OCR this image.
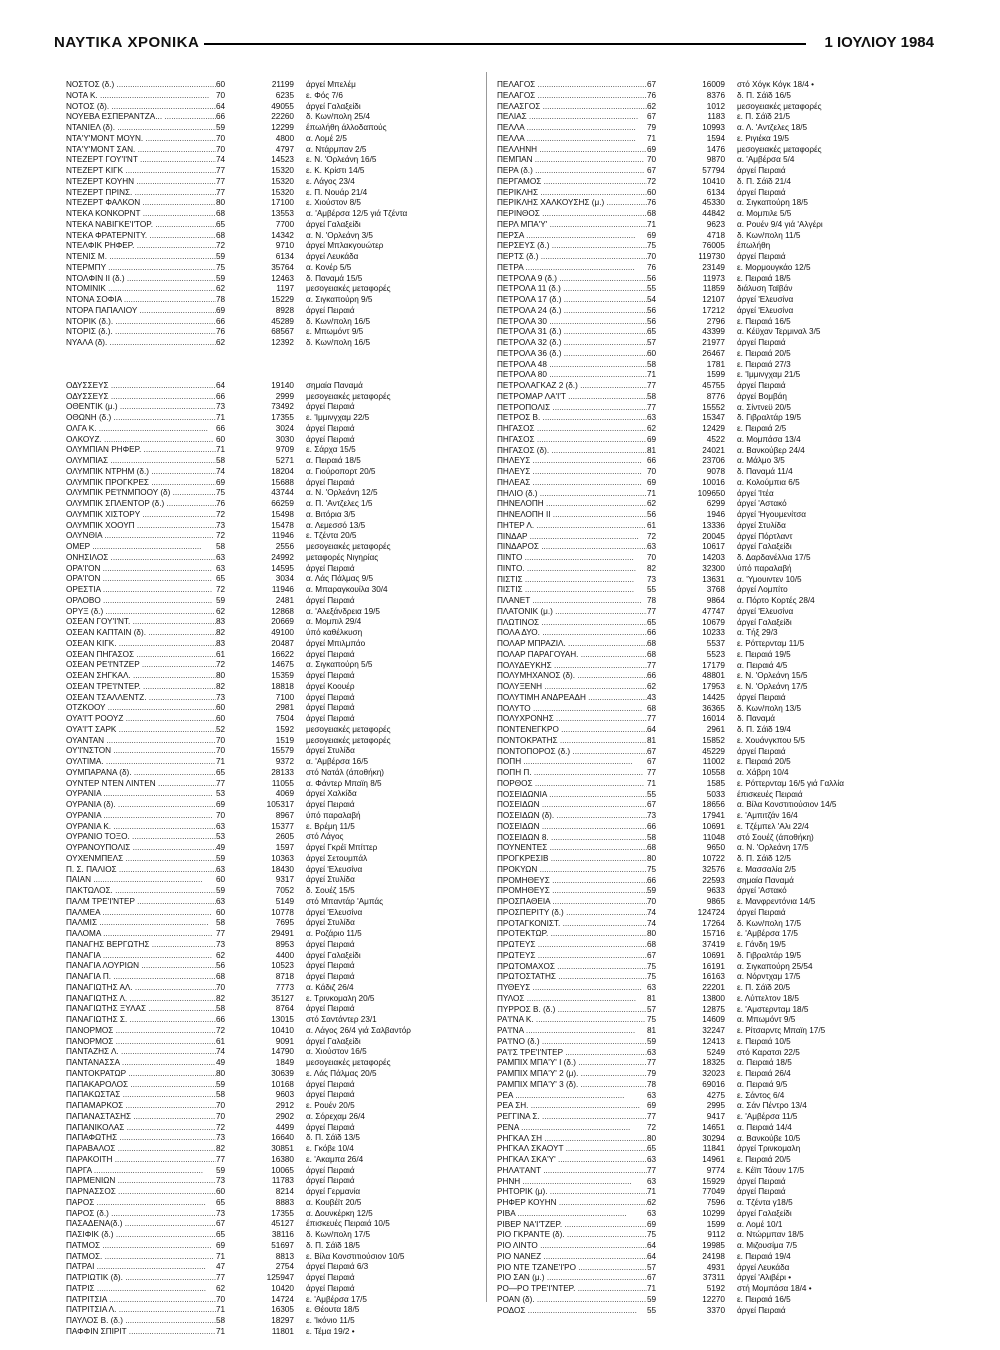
ΝΑΥΤΙΚΑ ΧΡΟΝΙΚΑ	1 ΙΟΥΛΙΟΥ 1984
ΝΟΣΤΟΣ (δ.) .....	60	21199	άργεί Μπελέμ
ΝΟΤΑ Κ. .....	70	6235	ε. Φός 7/6
ΝΟΤΟΣ (δ). .....	64	49055	άργεί Γαλαξείδι
ΝΟΥΕΒΑ ΕΣΠΕΡΑΝΤΖΑ... .....	66	22260	δ. Κων/πολη 25/4
ΝΤΑΝΙΕΛ (δ). .....	59	12299	έπωλήθη άλλοδαπούς
ΝΤΑ'Υ'ΜΟΝΤ ΜΟΥΝ. .....	70	4800	α. Λομέ 2/5
ΝΤΑ'Υ'ΜΟΝΤ ΣΑΝ. .....	70	4797	α. Ντάρμπαν 2/5
ΝΤΕΖΕΡΤ ΓΟΥ'Ι'ΝΤ .....	74	14523	ε. Ν. 'Ορλεάνη 16/5
ΝΤΕΖΕΡΤ ΚΙΓΚ .....	77	15320	ε. Κ. Κρίστι 14/5
ΝΤΕΖΕΡΤ ΚΟΥΗΝ .....	77	15320	ε. Λάγος 23/4
ΝΤΕΖΕΡΤ ΠΡΙΝΣ. .....	77	15320	ε. Π. Νουάρ 21/4
ΝΤΕΖΕΡΤ ΦΑΛΚΟΝ .....	80	17100	ε. Χιούστον 8/5
ΝΤΕΚΑ ΚΟΝΚΟΡΝΤ .....	68	13553	α. 'Αμβέρσα 12/5 γιά Τζέντα
ΝΤΕΚΑ ΝΑΒΙΓΚΕ'Ι'ΤΟΡ. .....	65	7700	άργεί Γαλαξείδι
ΝΤΕΚΑ ΦΡΑΤΕΡΝΙΤΥ. .....	68	14342	α. Ν. 'Ορλεάνη 3/5
ΝΤΕΛΦΙΚ ΡΗΦΕΡ. .....	72	9710	άργεί Μπλακγουώτερ
ΝΤΕΝΙΣ Μ. .....	59	6134	άργεί Λευκάδα
ΝΤΕΡΜΠΥ .....	75	35764	α. Κονέρ 5/5
ΝΤΟΛΦΙΝ ΙΙ (δ.) .....	59	12463	δ. Παναμά 15/5
ΝΤΟΜΙΝΙΚ .....	62	1197	μεσογειακές μεταφορές
ΝΤΟΝΑ ΣΟΦΙΑ .....	78	15229	α. Σιγκαπούρη 9/5
ΝΤΟΡΑ ΠΑΠΑΛΙΟΥ .....	69	8928	άργεί Πειραιά
ΝΤΟΡΙΚ (δ.). .....	66	45289	δ. Κων/πολη 16/5
ΝΤΟΡΙΣ (δ.). .....	76	68567	ε. Μπωμόντ 9/5
ΝΥΑΛΑ (δ). .....	62	12392	δ. Κων/πολη 16/5
ΟΔΥΣΣΕΥΣ .....	64	19140	σημαία Παναμά
ΟΔΥΣΣΕΥΣ .....	66	2999	μεσογειακές μεταφορές
ΟΘΕΝΤΙΚ (μ.) .....	73	73492	άργεί Πειραιά
ΟΘΩΝΗ (δ.) .....	71	17355	ε. 'Ιμμινγχαμ 22/5
ΟΛΓΑ Κ. .....	66	3024	άργεί Πειραιά
ΟΛΚΟΥΖ. .....	60	3030	άργεί Πειραιά
ΟΛΥΜΠΙΑΝ ΡΗΦΕΡ. .....	71	9709	ε. Σάρχα 15/5
ΟΛΥΜΠΙΑΣ .....	58	5271	α. Πειραιά 18/5
ΟΛΥΜΠΙΚ ΝΤΡΗΜ (δ.) .....	74	18204	α. Γιούροπορτ 20/5
ΟΛΥΜΠΙΚ ΠΡΟΓΚΡΕΣ .....	69	15688	άργεί Πειραιά
ΟΛΥΜΠΙΚ ΡΕ'Ι'ΝΜΠΟΟΥ (δ) .....	75	43744	α. Ν. 'Ορλεάνη 12/5
ΟΛΥΜΠΙΚ ΣΠΛΕΝΤΟΡ (δ.) .....	76	66259	α. Π. 'Αντζελες 1/5
ΟΛΥΜΠΙΚ ΧΙΣΤΟΡΥ .....	72	15498	α. Βιτόρια 3/5
ΟΛΥΜΠΙΚ ΧΟΟΥΠ .....	73	15478	α. Λεμεσσό 13/5
ΟΛΥΝΘΙΑ .....	72	11946	ε. Τζέντα 20/5
ΟΜΕΡ .....	58	2556	μεσογειακές μεταφορές
ΟΝΗΣΙΛΟΣ .....	63	24992	μεταφορές Νιγηρίας
ΟΡΑ'Ι'ΟΝ .....	63	14595	άργεί Πειραιά
ΟΡΑ'Ι'ΟΝ .....	65	3034	α. Λάς Πάλμας 9/5
ΟΡΕΣΤΙΑ .....	72	11946	α. Μπαραγκουίλα 30/4
ΟΡΛΟΒΟ .....	59	2481	άργεί Πειραιά
ΟΡΥΞ (δ.) .....	62	12868	α. 'Αλεξάνδρεια 19/5
ΟΣΕΑΝ ΓΟΥ'Ι'ΝΤ. .....	83	20669	α. Μομπιλ 29/4
ΟΣΕΑΝ ΚΑΠΤΑΙΝ (δ). .....	82	49100	ύπό καθέλκυση
ΟΣΕΑΝ ΚΙΓΚ. .....	83	20487	άργεί Μπιλμπάο
ΟΣΕΑΝ ΠΗΓΑΣΟΣ .....	61	16622	άργεί Πειραιά
ΟΣΕΑΝ ΡΕ'Ι'ΝΤΖΕΡ .....	72	14675	α. Σιγκαπούρη 5/5
ΟΣΕΑΝ ΣΗΓΚΑΛ. .....	80	15359	άργεί Πειραιά
ΟΣΕΑΝ ΤΡΕ'Ι'ΝΤΕΡ. .....	82	18818	άργεί Κοουέρ
ΟΣΕΑΝ ΤΣΑΛΛΕΝΤΖ. .....	73	7100	άργεί Πειραιά
ΟΤΖΚΟΟΥ .....	60	2981	άργεί Πειραιά
ΟΥΑ'Ι'Τ ΡΟΟΥΖ .....	60	7504	άργεί Πειραιά
ΟΥΑ'Ι'Τ ΣΑΡΚ .....	52	1592	μεσογειακές μεταφορές
ΟΥΑΝΤΑΝ .....	70	1519	μεσογειακές μεταφορές
ΟΥ'Ι'ΝΣΤΟΝ .....	70	15579	άργεί Στυλίδα
ΟΥΛΤΙΜΑ. .....	71	9372	α. 'Αμβέρσα 16/5
ΟΥΜΠΑΡΑΝΑ (δ). .....	65	28133	στό Νατάλ (άποθήκη)
ΟΥΝΤΕΡ ΝΤΕΝ ΛΙΝΤΕΝ .....	77	11055	α. Φάντερ Μπαϊη 8/5
ΟΥΡΑΝΙΑ .....	53	4069	άργεί Χαλκίδα
ΟΥΡΑΝΙΑ (δ). .....	69	105317	άργεί Πειραιά
ΟΥΡΑΝΙΑ .....	70	8967	ύπό παραλαβή
ΟΥΡΑΝΙΑ Κ. .....	63	15377	ε. Βρέμη 11/5
ΟΥΡΑΝΙΟ ΤΟΞΟ. .....	53	2605	στό Λάγος
ΟΥΡΑΝΟΥΠΟΛΙΣ .....	49	1597	άργεί Γκρέϊ Μπίττερ
ΟΥΧΕΝΜΠΕΛΣ .....	59	10363	άργεί Σετουμπάλ
Π. Σ. ΠΑΛΙΟΣ .....	63	18430	άργεί 'Ελευσίνα
ΠΑΙΑΝ .....	60	9317	άργεί Στυλίδα
ΠΑΚΤΩΛΟΣ. .....	59	7052	δ. Σουέζ 15/5
ΠΑΛΜ ΤΡΕ'Ι'ΝΤΕΡ .....	63	5149	στό Μπαντάρ 'Αμπάς
ΠΑΛΜΕΑ .....	60	10778	άργεί 'Ελευσίνα
ΠΑΛΜΙΣ .....	58	7695	άργεί Στυλίδα
ΠΑΛΟΜΑ .....	77	29491	α. Ροζάριο 11/5
ΠΑΝΑΓΗΣ ΒΕΡΓΩΤΗΣ .....	73	8953	άργεί Πειραιά
ΠΑΝΑΓΙΑ .....	62	4400	άργεί Γαλαξείδι
ΠΑΝΑΓΙΑ ΛΟΥΡΙΩΝ .....	56	10523	άργεί Πειραιά
ΠΑΝΑΓΙΑ Π. .....	68	8718	άργεί Πειραιά
ΠΑΝΑΓΙΩΤΗΣ ΑΛ. .....	70	7773	α. Κάδιζ 26/4
ΠΑΝΑΓΙΩΤΗΣ Λ. .....	82	35127	ε. Τρινκομαλη 20/5
ΠΑΝΑΓΙΩΤΗΣ ΞΥΛΑΣ .....	58	8764	άργεί Πειραιά
ΠΑΝΑΓΙΩΤΗΣ Σ. .....	66	13015	στό Σαντάντερ 23/1
ΠΑΝΟΡΜΟΣ .....	72	10410	α. Λάγος 26/4 γιά Σαλβαντόρ
ΠΑΝΟΡΜΟΣ .....	61	9091	άργεί Γαλαξείδι
ΠΑΝΤΑΖΗΣ Λ. .....	74	14790	α. Χιούστον 16/5
ΠΑΝΤΑΝΑΣΣΑ .....	49	1849	μεσογειακές μεταφορές
ΠΑΝΤΟΚΡΑΤΩΡ .....	80	30639	ε. Λάς Πάλμας 20/5
ΠΑΠΑΚΑΡΟΛΟΣ .....	59	10168	άργεί Πειραιά
ΠΑΠΑΚΩΣΤΑΣ .....	58	9603	άργεί Πειραιά
ΠΑΠΑΜΑΡΚΟΣ .....	70	2912	ε. Ρουέν 20/5
ΠΑΠΑΝΑΣΤΑΣΗΣ .....	70	2902	α. Σόρεχαμ 26/4
ΠΑΠΑΝΙΚΟΛΑΣ .....	72	4499	άργεί Πειραιά
ΠΑΠΑΦΩΤΗΣ .....	73	16640	δ. Π. Σάϊδ 13/5
ΠΑΡΑΒΑΛΟΣ .....	82	30851	ε. Γκόβε 10/4
ΠΑΡΑΚΟΙΤΗ .....	77	16380	ε. 'Ακαμπα 26/4
ΠΑΡΓΑ .....	59	10065	άργεί Πειραιά
ΠΑΡΜΕΝΙΩΝ .....	73	11783	άργεί Πειραιά
ΠΑΡΝΑΣΣΟΣ .....	60	8214	άργεί Γερμανία
ΠΑΡΟΣ .....	65	8883	α. Κουβέϊτ 20/5
ΠΑΡΟΣ (δ.) .....	73	17355	α. Δουνκέρκη 12/5
ΠΑΣΑΔΕΝΑ(δ.) .....	67	45127	έπισκευές Πειραιά 10/5
ΠΑΣΙΦΙΚ (δ.) .....	65	38116	δ. Κων/πολη 17/5
ΠΑΤΜΟΣ .....	69	51697	δ. Π. Σάϊδ 18/5
ΠΑΤΜΟΣ. .....	71	8813	ε. Βίλα Κονστιτιούσιον 10/5
ΠΑΤΡΑΙ .....	47	2754	άργεί Πειραιά 6/3
ΠΑΤΡΙΩΤΙΚ (δ). .....	77	125947	άργεί Πειραιά
ΠΑΤΡΙΣ .....	62	10420	άργεί Πειραιά
ΠΑΤΡΙΤΣΙΑ .....	70	14724	ε. 'Αμβέρσα 17/5
ΠΑΤΡΙΤΣΙΑ Λ. .....	71	16305	ε. Θέουτα 18/5
ΠΑΥΛΟΣ Β. (δ.) .....	58	18297	ε. 'Ικόνιο 11/5
ΠΑΦΦΙΝ ΣΠΙΡΙΤ .....	71	11801	ε. Τέμα 19/2 •
ΠΕΛΑΓΟΣ .....	67	16009	στό Χόγκ Κόγκ 18/4 •
ΠΕΛΑΓΟΣ .....	76	8376	δ. Π. Σάϊδ 16/5
ΠΕΛΑΣΓΟΣ .....	62	1012	μεσογειακές μεταφορές
ΠΕΛΙΑΣ .....	67	1183	ε. Π. Σάϊδ 21/5
ΠΕΛΛΑ .....	79	10993	α. Λ. 'Αντζελες 18/5
ΠΕΛΛΑ .....	71	1594	ε. Ριγιέκα 19/5
ΠΕΛΛΗΝΗ .....	69	1476	μεσογειακές μεταφορές
ΠΕΜΠΑΝ .....	70	9870	α. 'Αμβέρσα 5/4
ΠΕΡΑ (δ.) .....	67	57794	άργεί Πειραιά
ΠΕΡΓΑΜΟΣ .....	72	10410	δ. Π. Σάϊδ 21/4
ΠΕΡΙΚΛΗΣ .....	60	6134	άργεί Πειραιά
ΠΕΡΙΚΛΗΣ ΧΑΛΚΟΥΣΗΣ (μ.) .....	76	45330	α. Σιγκαπούρη 18/5
ΠΕΡΙΝΘΟΣ .....	68	44842	α. Μομπιλε 5/5
ΠΕΡΛ ΜΠΑ'Υ' .....	71	9623	α. Ρουέν 9/4 γιά 'Αλγέρι
ΠΕΡΣΑ .....	69	4718	δ. Κων/πολη 11/5
ΠΕΡΣΕΥΣ (δ.) .....	75	76005	έπωλήθη
ΠΕΡΤΣ (δ.) .....	70	119730	άργεί Πειραιά
ΠΕΤΡΑ .....	76	23149	ε. Μορμουγκάο 12/5
ΠΕΤΡΟΛΑ 9 (δ.) .....	56	11973	ε. Πειραιά 18/5
ΠΕΤΡΟΛΑ 11 (δ.) .....	55	11859	διάλυση Ταϊβάν
ΠΕΤΡΟΛΑ 17 (δ.) .....	54	12107	άργεί 'Ελευσίνα
ΠΕΤΡΟΛΑ 24 (δ.) .....	56	17212	άργεί 'Ελευσίνα
ΠΕΤΡΟΛΑ 30 .....	56	2796	ε. Πειραιά 16/5
ΠΕΤΡΟΛΑ 31 (δ.) .....	65	43399	α. Κέϋχαν Τερμιναλ 3/5
ΠΕΤΡΟΛΑ 32 (δ.) .....	57	21977	άργεί Πειραιά
ΠΕΤΡΟΛΑ 36 (δ.) .....	60	26467	ε. Πειραιά 20/5
ΠΕΤΡΟΛΑ 48 .....	58	1781	ε. Πειραιά 27/3
ΠΕΤΡΟΛΑ 80 .....	71	1599	ε. 'Ιμμινγχαμ 21/5
ΠΕΤΡΟΛΑΓΚΑΖ 2 (δ.) .....	77	45755	άργεί Πειραιά
ΠΕΤΡΟΜΑΡ ΛΑ'Ι'Τ .....	58	8776	άργεί Βομβάη
ΠΕΤΡΟΠΟΛΙΣ .....	77	15552	α. Σίντνεϋ 20/5
ΠΕΤΡΟΣ Β. .....	63	15347	δ. Γιβραλτάρ 19/5
ΠΗΓΑΣΟΣ .....	62	12429	ε. Πειραιά 2/5
ΠΗΓΑΣΟΣ .....	69	4522	α. Μομπάσα 13/4
ΠΗΓΑΣΟΣ (δ). .....	81	24021	α. Βανκούβερ 24/4
ΠΗΛΕΥΣ .....	66	23706	α. Μάλμο 3/5
ΠΗΛΕΥΣ .....	70	9078	δ. Παναμά 11/4
ΠΗΛΕΑΣ .....	69	10016	α. Κολούμπια 6/5
ΠΗΛΙΟ (δ.) .....	71	109650	άργεί 'Ιτέα
ΠΗΝΕΛΟΠΗ .....	62	6299	άργεί 'Αστακό
ΠΗΝΕΛΟΠΗ ΙΙ .....	56	1946	άργεί 'Ηγουμενίτσα
ΠΗΤΕΡ Λ. .....	61	13336	άργεί Στυλίδα
ΠΙΝΔΑΡ .....	72	20045	άργεί Πόρτλαντ
ΠΙΝΔΑΡΟΣ .....	63	10617	άργεί Γαλαξείδι
ΠΙΝΤΟ .....	70	14203	δ. Δαρδανέλλια 17/5
ΠΙΝΤΟ. .....	82	32300	ύπό παραλαβή
ΠΙΣΤΙΣ .....	73	13631	α. 'Υμουιντεν 10/5
ΠΙΣΤΙΣ .....	55	3768	άργεί Λομπίτο
ΠΛΑΝΕΤ .....	78	9864	α. Πόρτο Κορτές 28/4
ΠΛΑΤΟΝΙΚ (μ.) .....	77	47747	άργεί 'Ελευσίνα
ΠΛΩΤΙΝΟΣ .....	65	10679	άργεί Γαλαξείδι
ΠΟΛΑ ΔΥΟ. .....	66	10233	α. Τήξ 29/3
ΠΟΛΑΡ ΜΠΡΑΖΙΛ. .....	68	5537	ε. Ρόττερνταμ 11/5
ΠΟΛΑΡ ΠΑΡΑΓΟΥΑΗ. .....	68	5523	ε. Πειραιά 19/5
ΠΟΛΥΔΕΥΚΗΣ .....	77	17179	α. Πειραιά 4/5
ΠΟΛΥΜΗΧΑΝΟΣ (δ). .....	66	48801	ε. Ν. 'Ορλεάνη 15/5
ΠΟΛΥΞΕΝΗ .....	62	17953	ε. Ν. 'Ορλεάνη 17/5
ΠΟΛΥΤΙΜΗ ΑΝΔΡΕΑΔΗ .....	43	14425	άργεί Πειραιά
ΠΟΛΥΤΟ .....	68	36365	δ. Κων/πολη 13/5
ΠΟΛΥΧΡΟΝΗΣ .....	77	16014	δ. Παναμά
ΠΟΝΤΕΝΕΓΚΡΟ .....	64	2961	δ. Π. Σάϊδ 19/4
ΠΟΝΤΟΚΡΑΤΗΣ .....	81	15852	ε. Χουάνγκπου 5/5
ΠΟΝΤΟΠΟΡΟΣ (δ.) .....	67	45229	άργεί Πειραιά
ΠΟΠΗ .....	67	11002	ε. Πειραιά 20/5
ΠΟΠΗ Π. .....	77	10558	α. Χάβρη 10/4
ΠΟΡΘΟΣ .....	71	1585	ε. Ρόττερνταμ 16/5 γιά Γαλλία
ΠΟΣΕΙΔΩΝΙΑ .....	55	5033	έπισκευές Πειραιά
ΠΟΣΕΙΔΩΝ .....	67	18656	α. Βίλα Κονστιτιούσιον 14/5
ΠΟΣΕΙΔΩΝ (δ). .....	73	17941	ε. 'Αμπιτζάν 16/4
ΠΟΣΕΙΔΩΝ .....	66	10691	ε. Τζέμπελ 'Αλι 22/4
ΠΟΣΕΙΔΩΝ 8. .....	58	11048	στό Σουέζ (άποθήκη)
ΠΟΥΝΕΝΤΕΣ .....	68	9650	α. Ν. 'Ορλεάνη 17/5
ΠΡΟΓΚΡΕΣΙΒ .....	80	10722	δ. Π. Σάϊδ 12/5
ΠΡΟΚΥΩΝ .....	75	32576	ε. Μασσαλία 2/5
ΠΡΟΜΗΘΕΥΣ .....	66	22593	σημαία Παναμά
ΠΡΟΜΗΘΕΥΣ .....	59	9633	άργεί 'Αστακό
ΠΡΟΣΠΑΘΕΙΑ .....	70	9865	ε. Μανφρεντόνια 14/5
ΠΡΟΣΠΕΡΙΤΥ (δ.) .....	74	124724	άργεί Πειραιά
ΠΡΟΤΑΓΚΟΝΙΣΤ. .....	74	17264	δ. Κων/πολη 17/5
ΠΡΟΤΕΚΤΩΡ. .....	80	15716	ε. 'Αμβέρσα 17/5
ΠΡΩΤΕΥΣ .....	68	37419	ε. Γάνδη 19/5
ΠΡΩΤΕΥΣ .....	67	10691	δ. Γιβραλτάρ 19/5
ΠΡΩΤΟΜΑΧΟΣ .....	75	16191	α. Σιγκαπούρη 25/54
ΠΡΩΤΟΣΤΑΤΗΣ .....	75	16163	α. Νόρντχαμ 17/5
ΠΥΘΕΥΣ .....	63	22201	ε. Π. Σάϊδ 20/5
ΠΥΛΟΣ .....	81	13800	ε. Λύττελτον 18/5
ΠΥΡΡΟΣ Β. (δ.) .....	57	12875	ε. 'Αμστερνταμ 18/5
ΡΑ'Ι'ΝΑ Κ. .....	75	14609	α. Μπωμόντ 9/5
ΡΑ'Ι'ΝΑ .....	81	32247	ε. Ρίτσαρντς Μπαϊη 17/5
ΡΑ'Ι'ΝΟ (δ.) .....	59	12413	ε. Πειραιά 10/5
ΡΑ'Ι'Σ ΤΡΕ'Ι'ΝΤΕΡ .....	63	5249	στό Καρατσι 22/5
ΡΑΜΠΙΧ ΜΠΑ'Υ' Ι (δ.) .....	77	18325	α. Πειραιά 18/5
ΡΑΜΠΙΧ ΜΠΑ'Υ' 2 (μ). .....	79	32023	ε. Πειραιά 26/4
ΡΑΜΠΙΧ ΜΠΑ'Υ' 3 (δ). .....	78	69016	α. Πειραιά 9/5
ΡΕΑ .....	63	4275	ε. Σάντος 6/4
ΡΕΑ ΣΗ. .....	69	2995	α. Σάν Πέντρο 13/4
ΡΕΓΓΙΝΑ Σ. .....	77	9417	ε. 'Αμβέρσα 11/5
ΡΕΝΑ .....	72	14651	α. Πειραιά 14/4
ΡΗΓΚΑΛ ΣΗ .....	80	30294	α. Βανκούβε 10/5
ΡΗΓΚΑΛ ΣΚΑΟΥΤ .....	65	11841	άργεί Τρινκομαλη
ΡΗΓΚΑΛ ΣΚΑ'Υ' .....	63	14961	ε. Πειραιά 20/5
ΡΗΛΑ'Ι'ΑΝΤ .....	77	9774	ε. Κέϊπ Τάουν 17/5
ΡΗΝΗ .....	63	15929	άργεί Πειραιά
ΡΗΤΟΡΙΚ (μ). .....	71	77049	άργεί Πειραιά
ΡΗΦΕΡ ΚΟΥΗΝ .....	62	7596	α. Τζέντα γ18/5
ΡΙΒΑ .....	63	10299	άργεί Γαλαξείδι
ΡΙΒΕΡ ΝΑ'Ι'ΤΖΕΡ. .....	69	1599	α. Λομέ 10/1
ΡΙΟ ΓΚΡΑΝΤΕ (δ). .....	75	9112	α. Ντώρμπαν 18/5
ΡΙΟ ΛΙΝΤΟ .....	64	19985	α. Μιζουσίμα 7/5
ΡΙΟ ΝΑΝΕΖ .....	64	24198	ε. Πειραιά 19/4
ΡΙΟ ΝΤΕ ΤΖΑΝΕ'Ι'ΡΟ .....	57	4931	άργεί Λευκάδα
ΡΙΟ ΣΑΝ (μ.) .....	67	37311	άργεί 'Αλιβέρι •
ΡΟ—ΡΟ ΤΡΕ'Ι'ΝΤΕΡ. .....	71	5192	στή Μομπάσα 18/4 •
ΡΟΑΝ (δ). .....	59	12270	ε. Πειραιά 16/5
ΡΟΔΟΣ .....	55	3370	άργεί Πειραιά
